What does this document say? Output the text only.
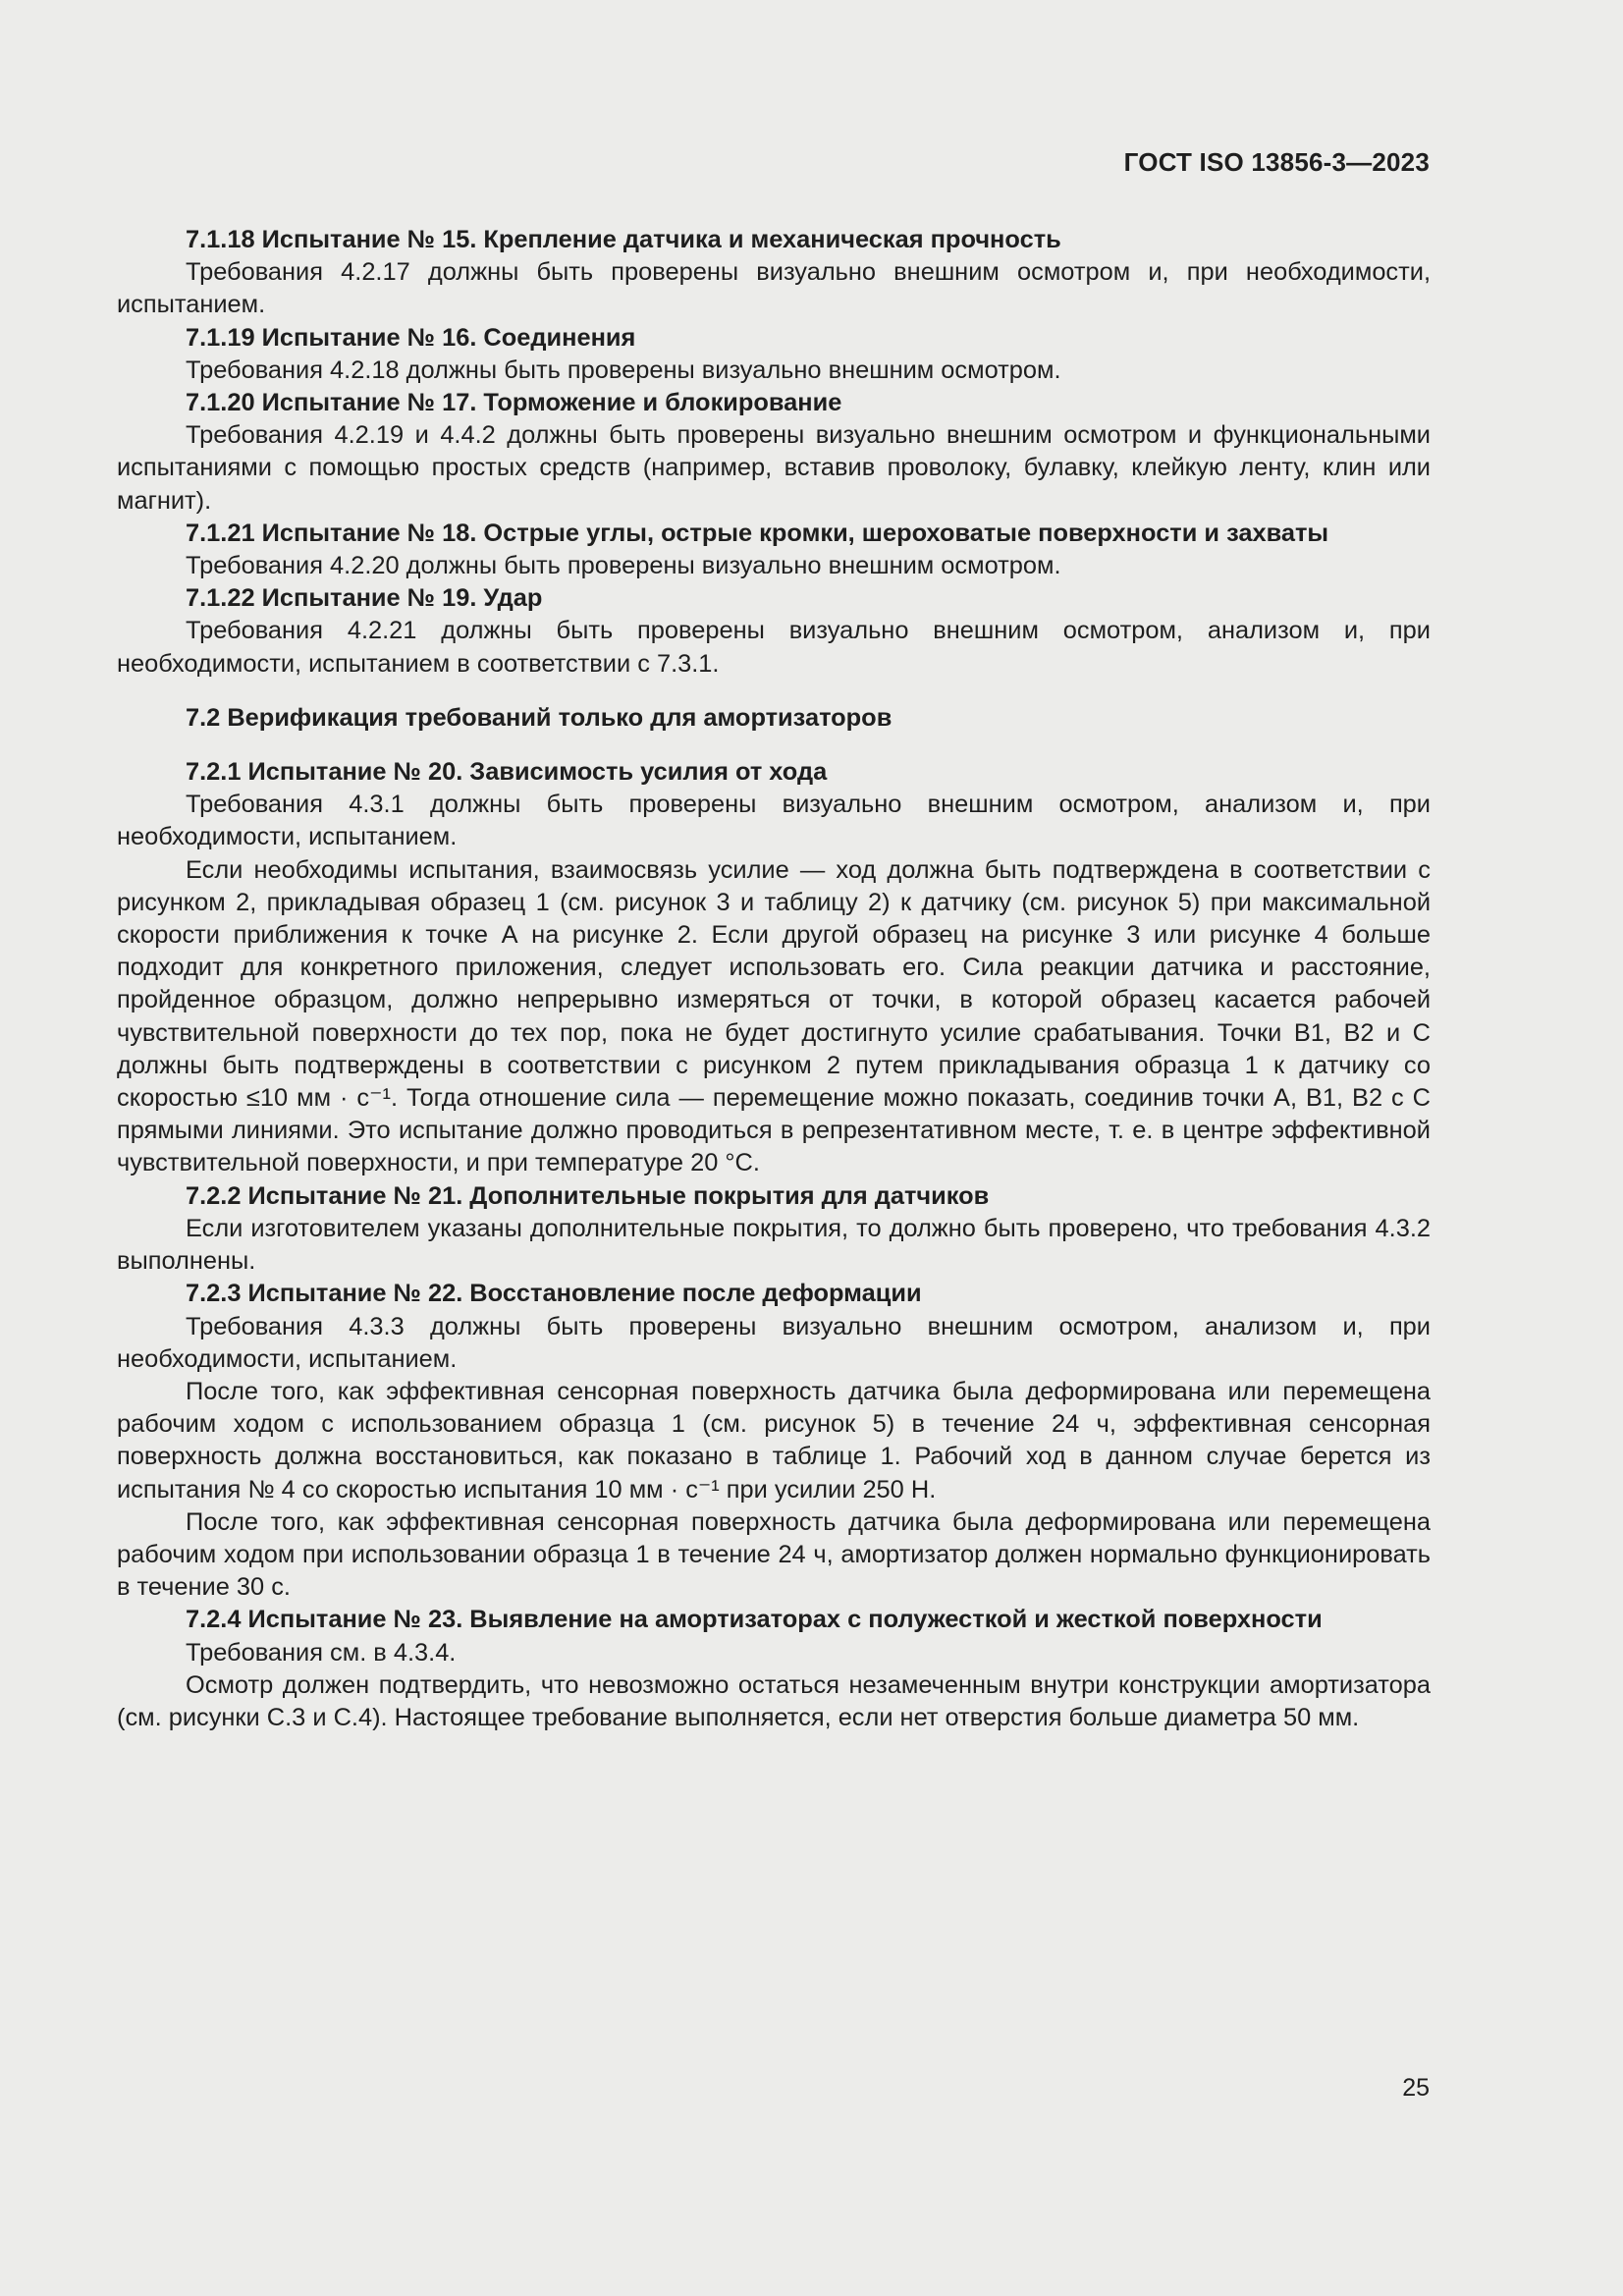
ГОСТ ISO 13856-3—2023

7.1.18 Испытание № 15. Крепление датчика и механическая прочность

Требования 4.2.17 должны быть проверены визуально внешним осмотром и, при необходимости, испытанием.

7.1.19 Испытание № 16. Соединения

Требования 4.2.18 должны быть проверены визуально внешним осмотром.

7.1.20 Испытание № 17. Торможение и блокирование

Требования 4.2.19 и 4.4.2 должны быть проверены визуально внешним осмотром и функциональными испытаниями с помощью простых средств (например, вставив проволоку, булавку, клейкую ленту, клин или магнит).

7.1.21 Испытание № 18. Острые углы, острые кромки, шероховатые поверхности и захваты

Требования 4.2.20 должны быть проверены визуально внешним осмотром.

7.1.22 Испытание № 19. Удар

Требования 4.2.21 должны быть проверены визуально внешним осмотром, анализом и, при необходимости, испытанием в соответствии с 7.3.1.

7.2 Верификация требований только для амортизаторов

7.2.1 Испытание № 20. Зависимость усилия от хода

Требования 4.3.1 должны быть проверены визуально внешним осмотром, анализом и, при необходимости, испытанием.

Если необходимы испытания, взаимосвязь усилие — ход должна быть подтверждена в соответствии с рисунком 2, прикладывая образец 1 (см. рисунок 3 и таблицу 2) к датчику (см. рисунок 5) при максимальной скорости приближения к точке А на рисунке 2. Если другой образец на рисунке 3 или рисунке 4 больше подходит для конкретного приложения, следует использовать его. Сила реакции датчика и расстояние, пройденное образцом, должно непрерывно измеряться от точки, в которой образец касается рабочей чувствительной поверхности до тех пор, пока не будет достигнуто усилие срабатывания. Точки В1, В2 и С должны быть подтверждены в соответствии с рисунком 2 путем прикладывания образца 1 к датчику со скоростью ≤10 мм · с⁻¹. Тогда отношение сила — перемещение можно показать, соединив точки А, В1, В2 с С прямыми линиями. Это испытание должно проводиться в репрезентативном месте, т. е. в центре эффективной чувствительной поверхности, и при температуре 20 °С.

7.2.2 Испытание № 21. Дополнительные покрытия для датчиков

Если изготовителем указаны дополнительные покрытия, то должно быть проверено, что требования 4.3.2 выполнены.

7.2.3 Испытание № 22. Восстановление после деформации

Требования 4.3.3 должны быть проверены визуально внешним осмотром, анализом и, при необходимости, испытанием.

После того, как эффективная сенсорная поверхность датчика была деформирована или перемещена рабочим ходом с использованием образца 1 (см. рисунок 5) в течение 24 ч, эффективная сенсорная поверхность должна восстановиться, как показано в таблице 1. Рабочий ход в данном случае берется из испытания № 4 со скоростью испытания 10 мм · с⁻¹ при усилии 250 Н.

После того, как эффективная сенсорная поверхность датчика была деформирована или перемещена рабочим ходом при использовании образца 1 в течение 24 ч, амортизатор должен нормально функционировать в течение 30 с.

7.2.4 Испытание № 23. Выявление на амортизаторах с полужесткой и жесткой поверхности

Требования см. в 4.3.4.

Осмотр должен подтвердить, что невозможно остаться незамеченным внутри конструкции амортизатора (см. рисунки С.3 и С.4). Настоящее требование выполняется, если нет отверстия больше диаметра 50 мм.

25
